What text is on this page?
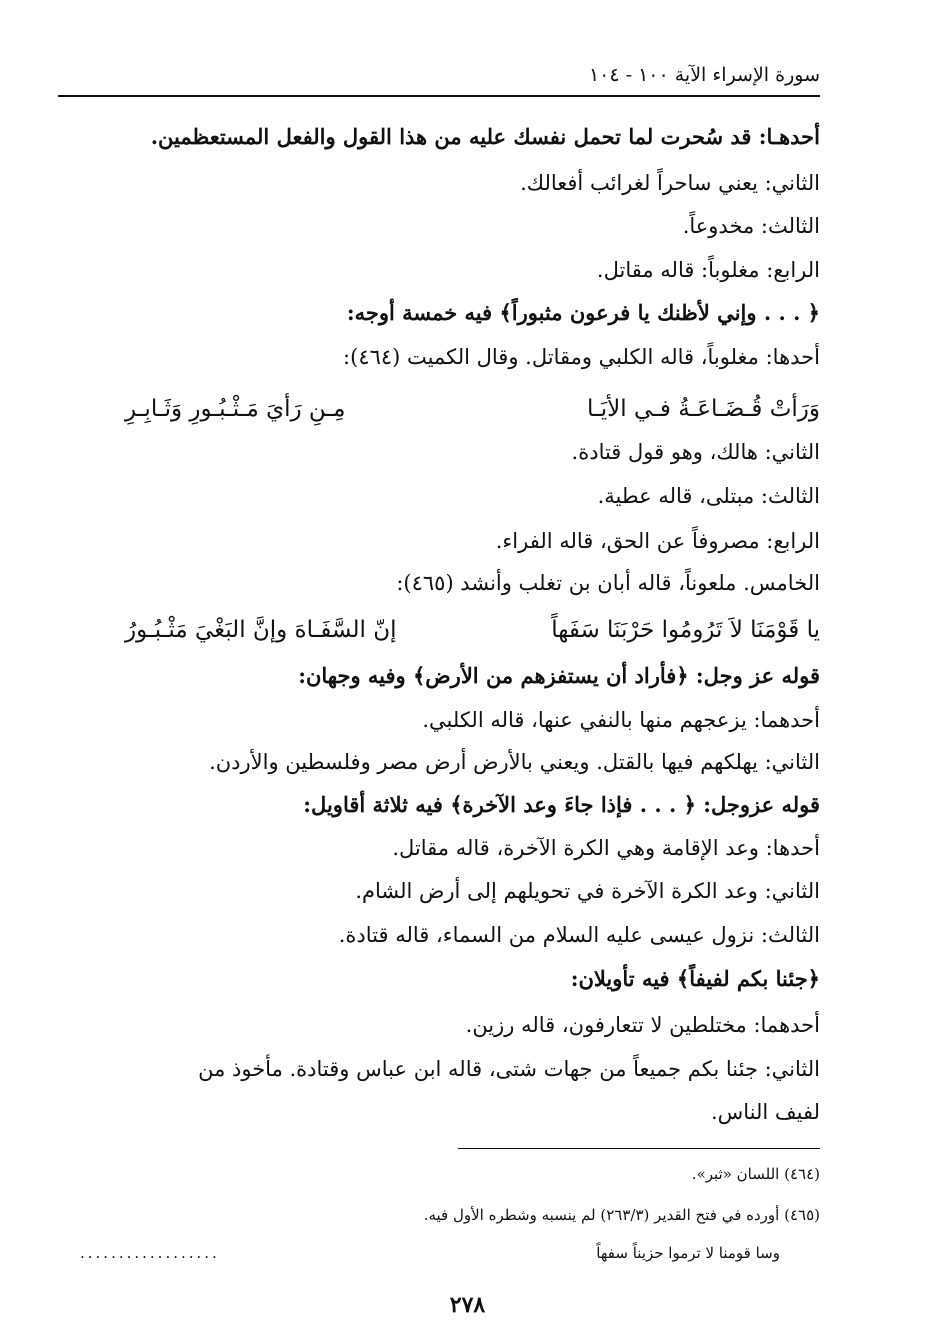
سورة الإسراء الآية ١٠٠ - ١٠٤
أحدهـا: قد سُحرت لما تحمل نفسك عليه من هذا القول والفعل المستعظمين.
الثاني: يعني ساحراً لغرائب أفعالك.
الثالث: مخدوعاً.
الرابع: مغلوباً: قاله مقاتل.
﴿ . . . وإني لأظنك يا فرعون مثبوراً﴾ فيه خمسة أوجه:
أحدها: مغلوباً، قاله الكلبي ومقاتل. وقال الكميت (٤٦٤):
وَرَأتْ قُـضَـاعَـةُ فـي الأيَـا
مِـنِ رَأيَ مَـثْـبُـورِ وَثَـابِـرِ
الثاني: هالك، وهو قول قتادة.
الثالث: مبتلى، قاله عطية.
الرابع: مصروفاً عن الحق، قاله الفراء.
الخامس. ملعوناً، قاله أبان بن تغلب وأنشد (٤٦٥):
يا قَوْمَنَا لاَ تَرُومُوا حَرْبَنَا سَفَهاً
إنّ السَّفَـاهَ وإنَّ البَغْيَ مَثْـبُـورُ
قوله عز وجل: ﴿فأراد أن يستفزهم من الأرض﴾ وفيه وجهان:
أحدهما: يزعجهم منها بالنفي عنها، قاله الكلبي.
الثاني: يهلكهم فيها بالقتل. ويعني بالأرض أرض مصر وفلسطين والأردن.
قوله عزوجل: ﴿ . . . فإذا جاءَ وعد الآخرة﴾ فيه ثلاثة أقاويل:
أحدها: وعد الإقامة وهي الكرة الآخرة، قاله مقاتل.
الثاني: وعد الكرة الآخرة في تحويلهم إلى أرض الشام.
الثالث: نزول عيسى عليه السلام من السماء، قاله قتادة.
﴿جئنا بكم لفيفاً﴾ فيه تأويلان:
أحدهما: مختلطين لا تتعارفون، قاله رزين.
الثاني: جئنا بكم جميعاً من جهات شتى، قاله ابن عباس وقتادة. مأخوذ من
لفيف الناس.
(٤٦٤) اللسان «ثبر».
(٤٦٥) أورده في فتح القدير (٢٦٣/٣) لم ينسبه وشطره الأول فيه.
وسا قومنا لا ترموا حزيناً سفهاً
..................
٢٧٨
